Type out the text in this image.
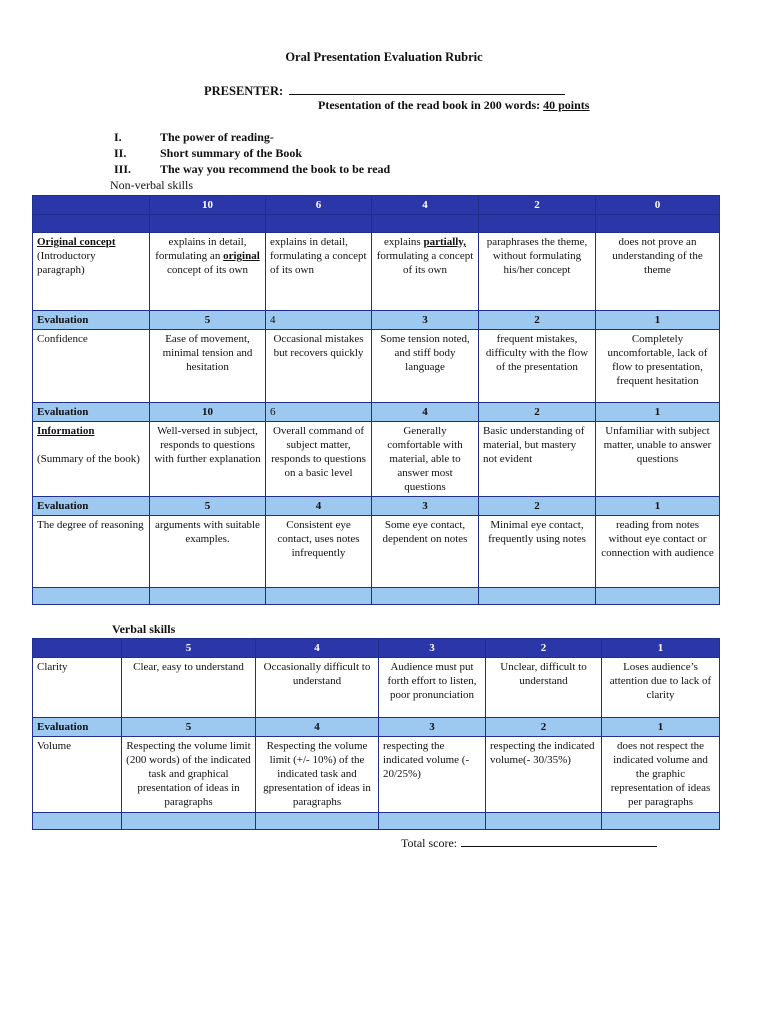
Oral Presentation Evaluation Rubric
PRESENTER:
Ptesentation of the read book in 200 words: 40 points
I.	The power of reading-
II.	Short summary of the Book
III. The way you recommend the book to be read
Non-verbal skills
	10	6	4	2	0

Original concept
(Introductory paragraph)	explains in detail, formulating an original concept of its own	explains in detail, formulating a concept of its own	explains partially, formulating a concept of its own	paraphrases the theme, without formulating his/her concept	does not prove an understanding of the theme
Evaluation	5	4	3	2	1
Confidence	Ease of movement, minimal tension and hesitation	Occasional mistakes but recovers quickly	Some tension noted, and stiff body language	frequent mistakes, difficulty with the flow of the presentation	Completely uncomfortable, lack of flow to presentation, frequent hesitation
Evaluation	10	6	4	2	1
Information

(Summary of the book)	Well-versed in subject, responds to questions with further explanation	Overall command of subject matter, responds to questions on a basic level	Generally comfortable with material, able to answer most questions	Basic understanding of material, but mastery not evident	Unfamiliar with subject matter, unable to answer questions
Evaluation	5	4	3	2	1
The degree of reasoning	arguments with suitable examples.	Consistent eye contact, uses notes infrequently	Some eye contact, dependent on notes	Minimal eye contact, frequently using notes	reading from notes without eye contact or connection with audience

Verbal skills
	5	4	3	2	1
Clarity	Clear, easy to understand	Occasionally difficult to understand	Audience must put forth effort to listen, poor pronunciation	Unclear, difficult to understand	Loses audience’s attention due to lack of clarity
Evaluation	5	4	3	2	1
Volume	Respecting the volume limit (200 words) of the indicated task and graphical presentation of ideas in paragraphs	Respecting the volume limit (+/- 10%) of the indicated task and gpresentation of ideas in paragraphs	respecting the indicated volume (- 20/25%)	respecting the indicated volume(- 30/35%)	does not respect the indicated volume and the graphic representation of ideas per paragraphs

Total score:
